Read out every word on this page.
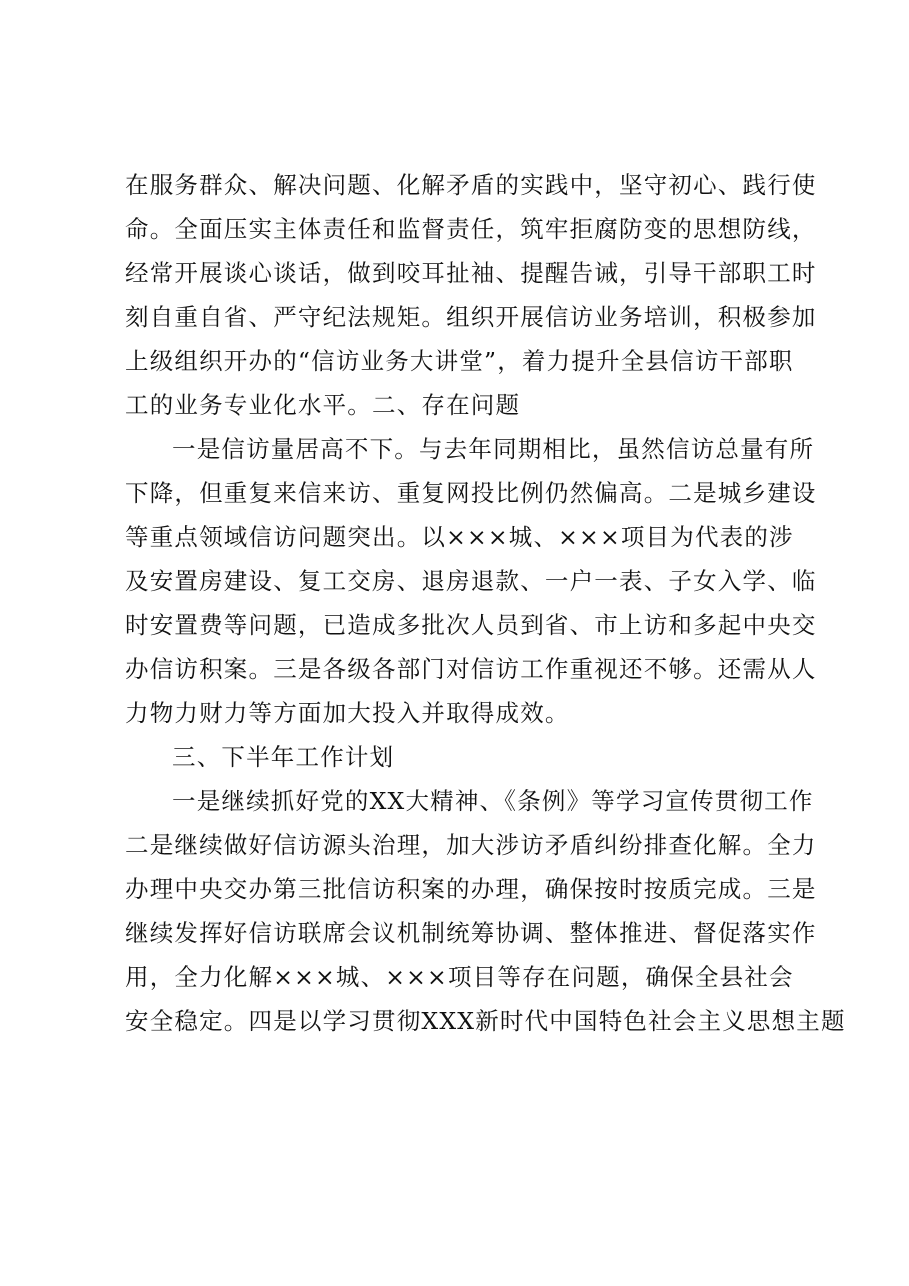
在服务群众、解决问题、化解矛盾的实践中，坚守初心、践行使
命。全面压实主体责任和监督责任，筑牢拒腐防变的思想防线，
经常开展谈心谈话，做到咬耳扯袖、提醒告诫，引导干部职工时
刻自重自省、严守纪法规矩。组织开展信访业务培训，积极参加
上级组织开办的“信访业务大讲堂”，着力提升全县信访干部职
工的业务专业化水平。二、存在问题
一是信访量居高不下。与去年同期相比，虽然信访总量有所
下降，但重复来信来访、重复网投比例仍然偏高。二是城乡建设
等重点领域信访问题突出。以×××城、×××项目为代表的涉
及安置房建设、复工交房、退房退款、一户一表、子女入学、临
时安置费等问题，已造成多批次人员到省、市上访和多起中央交
办信访积案。三是各级各部门对信访工作重视还不够。还需从人
力物力财力等方面加大投入并取得成效。
三、下半年工作计划
一是继续抓好党的XX大精神、《条例》等学习宣传贯彻工作
二是继续做好信访源头治理，加大涉访矛盾纠纷排查化解。全力
办理中央交办第三批信访积案的办理，确保按时按质完成。三是
继续发挥好信访联席会议机制统筹协调、整体推进、督促落实作
用，全力化解×××城、×××项目等存在问题，确保全县社会
安全稳定。四是以学习贯彻XXX新时代中国特色社会主义思想主题
